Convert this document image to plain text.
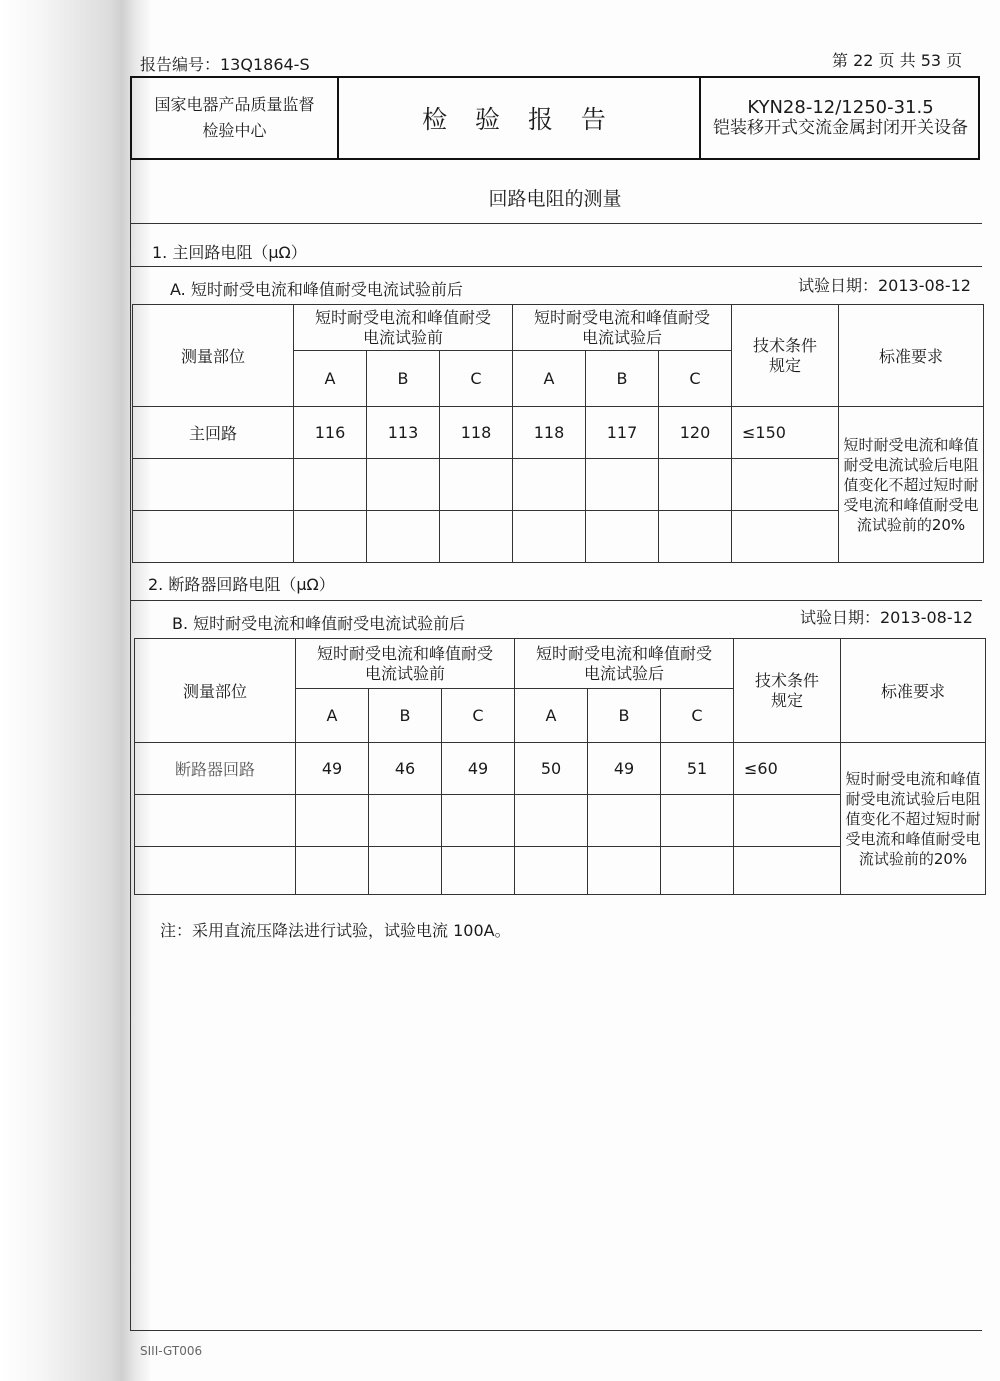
报告编号：13Q1864-S	第 22 页 共 53 页
国家电器产品质量监督
检验中心	检 验 报 告	KYN28-12/1250-31.5
铠装移开式交流金属封闭开关设备
回路电阻的测量
1. 主回路电阻（μΩ）
A. 短时耐受电流和峰值耐受电流试验前后	试验日期：2013-08-12
测量部位	短时耐受电流和峰值耐受电流试验前			短时耐受电流和峰值耐受电流试验后			技术条件规定	标准要求
	A	B	C	A	B	C		
主回路	116	113	118	118	117	120	≤150	短时耐受电流和峰值耐受电流试验后电阻值变化不超过短时耐受电流和峰值耐受电流试验前的20%

2. 断路器回路电阻（μΩ）
B. 短时耐受电流和峰值耐受电流试验前后	试验日期：2013-08-12
测量部位	短时耐受电流和峰值耐受电流试验前			短时耐受电流和峰值耐受电流试验后			技术条件规定	标准要求
	A	B	C	A	B	C		
断路器回路	49	46	49	50	49	51	≤60	短时耐受电流和峰值耐受电流试验后电阻值变化不超过短时耐受电流和峰值耐受电流试验前的20%

注：采用直流压降法进行试验，试验电流 100A。
SIII-GT006
